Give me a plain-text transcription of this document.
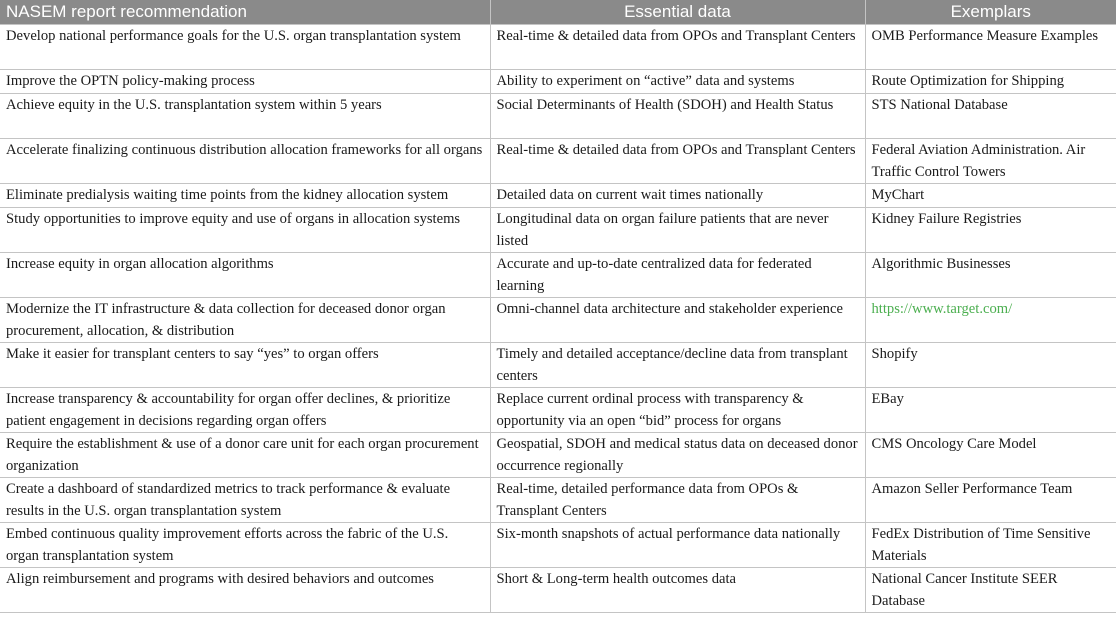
NASEM report recommendation	Essential data	Exemplars
Develop national performance goals for the U.S. organ transplantation system	Real-time & detailed data from OPOs and Transplant Centers	OMB Performance Measure Examples
Improve the OPTN policy-making process	Ability to experiment on “active” data and systems	Route Optimization for Shipping
Achieve equity in the U.S. transplantation system within 5 years	Social Determinants of Health (SDOH) and Health Status	STS National Database
Accelerate finalizing continuous distribution allocation frameworks for all organs	Real-time & detailed data from OPOs and Transplant Centers	Federal Aviation Administration. Air Traffic Control Towers
Eliminate predialysis waiting time points from the kidney allocation system	Detailed data on current wait times nationally	MyChart
Study opportunities to improve equity and use of organs in allocation systems	Longitudinal data on organ failure patients that are never listed	Kidney Failure Registries
Increase equity in organ allocation algorithms	Accurate and up-to-date centralized data for federated learning	Algorithmic Businesses
Modernize the IT infrastructure & data collection for deceased donor organ procurement, allocation, & distribution	Omni-channel data architecture and stakeholder experience	https://www.target.com/
Make it easier for transplant centers to say “yes” to organ offers	Timely and detailed acceptance/decline data from transplant centers	Shopify
Increase transparency & accountability for organ offer declines, & prioritize patient engagement in decisions regarding organ offers	Replace current ordinal process with transparency & opportunity via an open “bid” process for organs	EBay
Require the establishment & use of a donor care unit for each organ procurement organization	Geospatial, SDOH and medical status data on deceased donor occurrence regionally	CMS Oncology Care Model
Create a dashboard of standardized metrics to track performance & evaluate results in the U.S. organ transplantation system	Real-time, detailed performance data from OPOs & Transplant Centers	Amazon Seller Performance Team
Embed continuous quality improvement efforts across the fabric of the U.S. organ transplantation system	Six-month snapshots of actual performance data nationally	FedEx Distribution of Time Sensitive Materials
Align reimbursement and programs with desired behaviors and outcomes	Short & Long-term health outcomes data	National Cancer Institute SEER Database
